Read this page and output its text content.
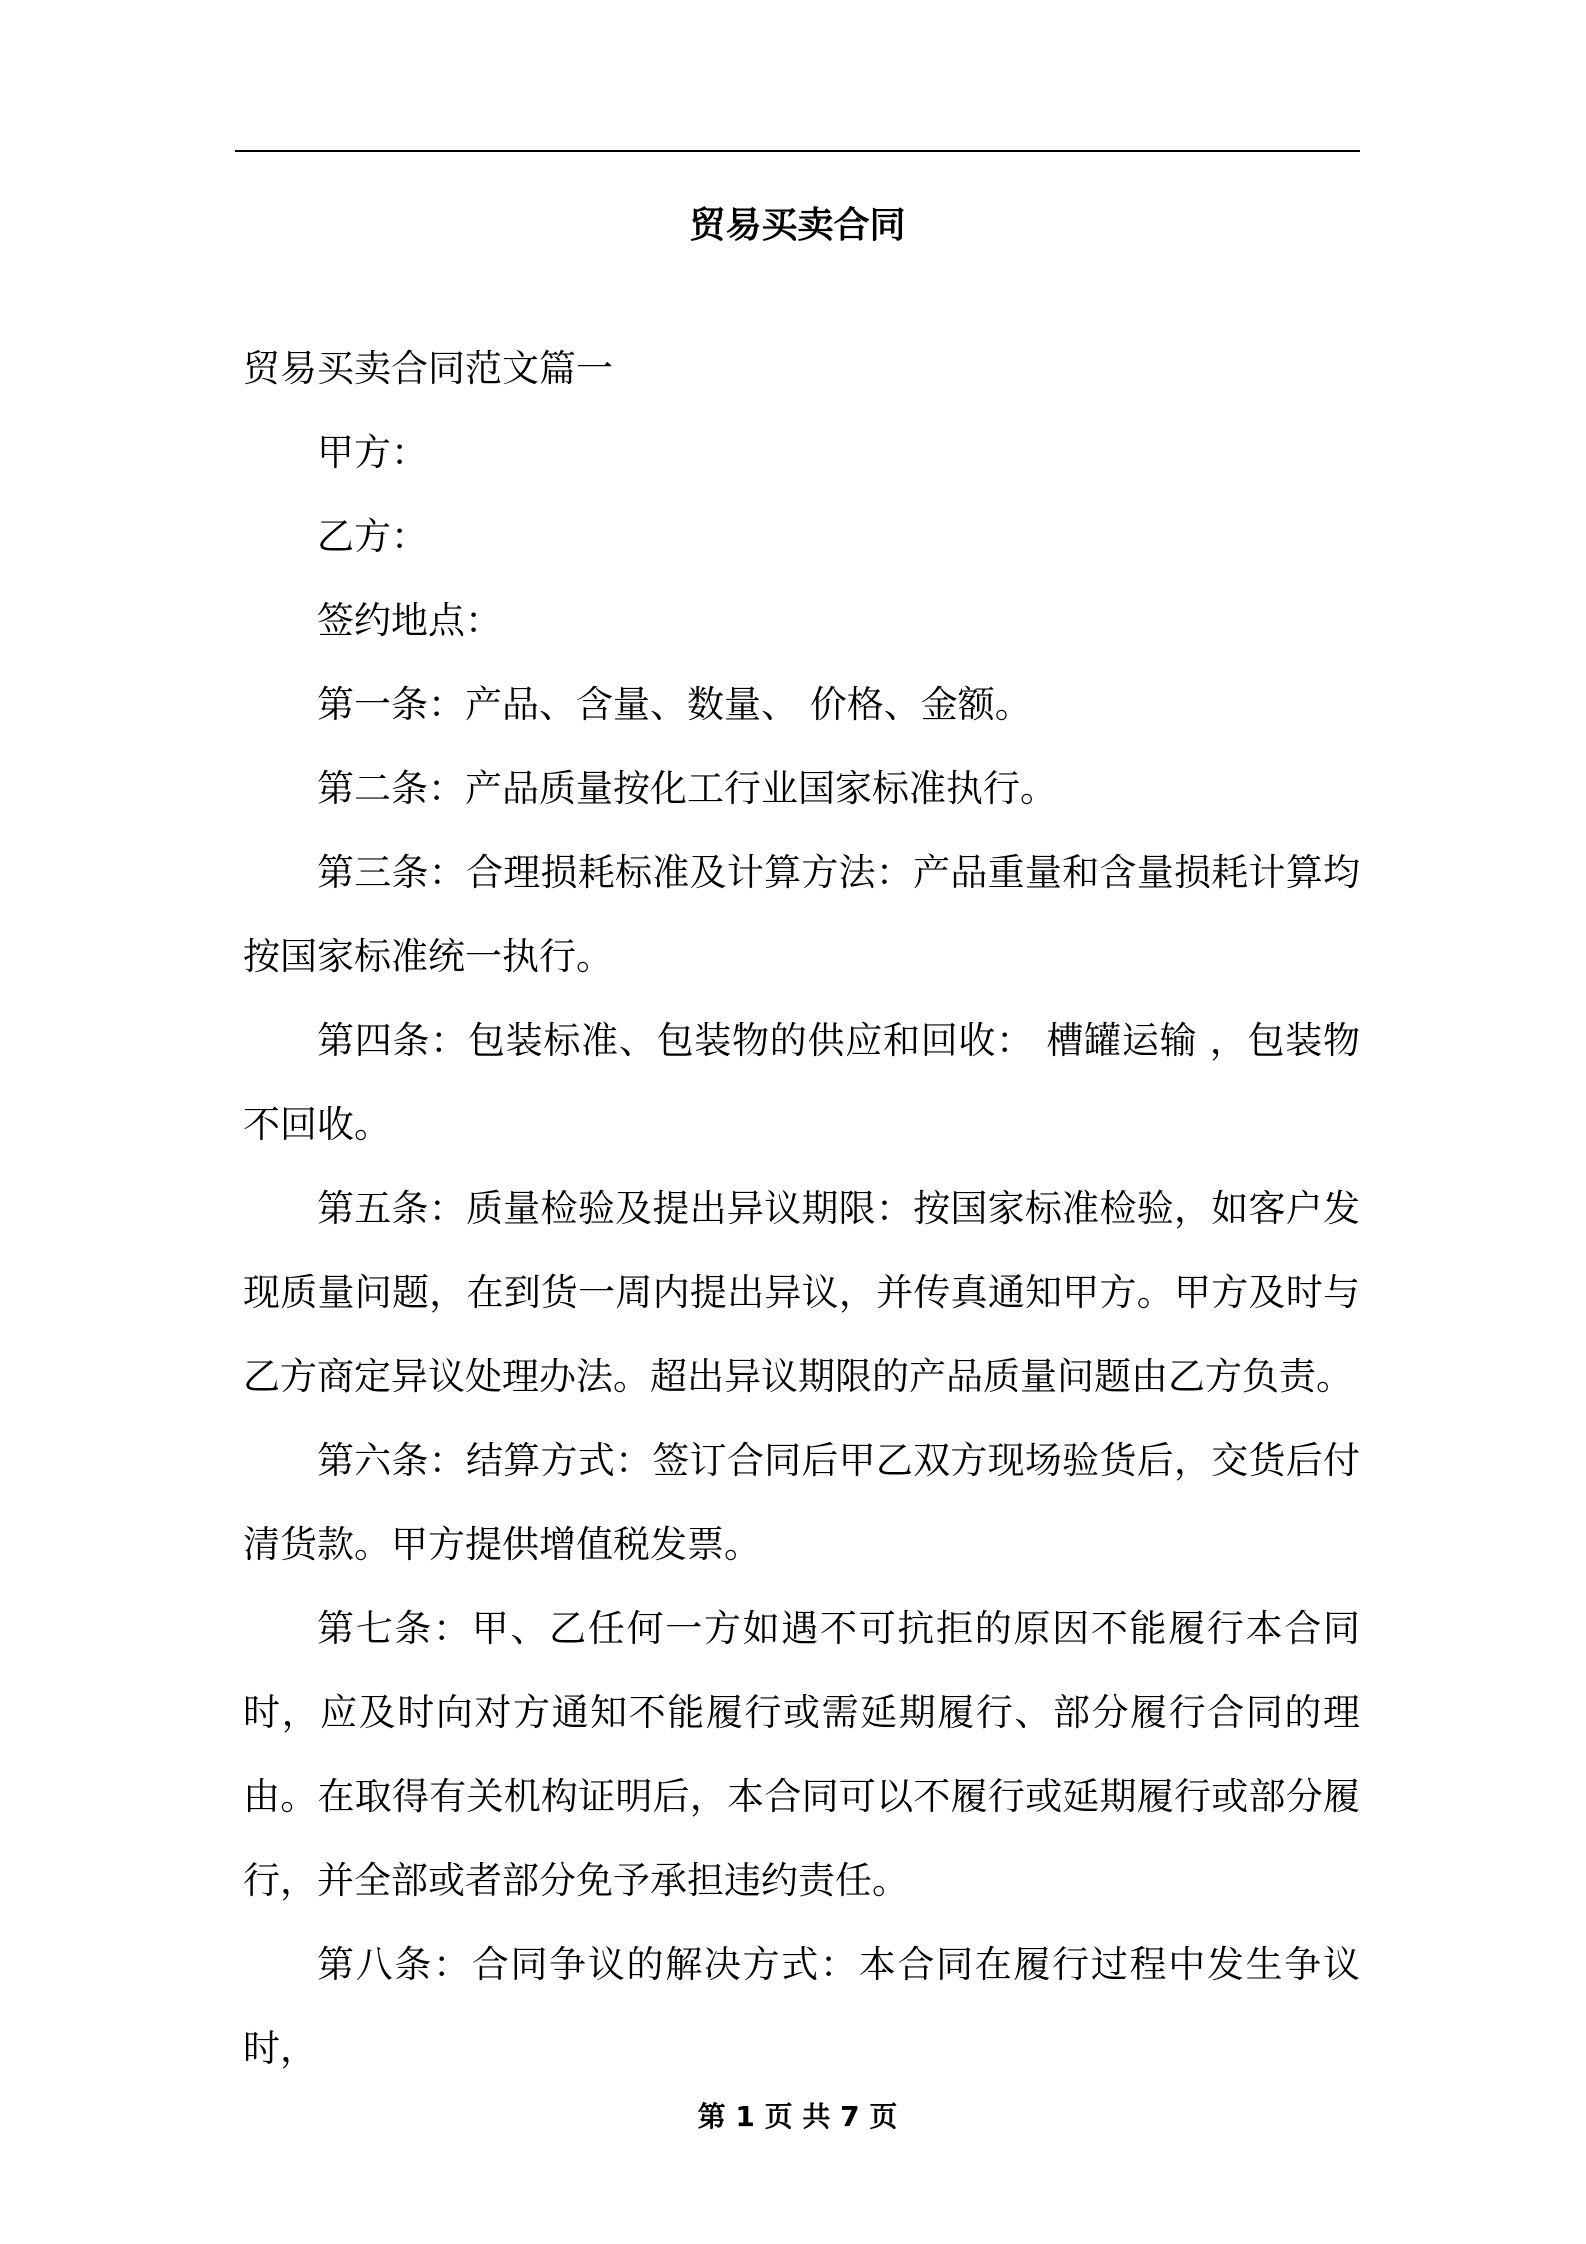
贸易买卖合同

贸易买卖合同范文篇一

甲方：

乙方：

签约地点：

第一条：产品、含量、数量、 价格、金额。

第二条：产品质量按化工行业国家标准执行。

第三条：合理损耗标准及计算方法：产品重量和含量损耗计算均按国家标准统一执行。

第四条：包装标准、包装物的供应和回收： 槽罐运输 ，包装物不回收。

第五条：质量检验及提出异议期限：按国家标准检验，如客户发现质量问题，在到货一周内提出异议，并传真通知甲方。甲方及时与乙方商定异议处理办法。超出异议期限的产品质量问题由乙方负责。

第六条：结算方式：签订合同后甲乙双方现场验货后，交货后付清货款。甲方提供增值税发票。

第七条：甲、乙任何一方如遇不可抗拒的原因不能履行本合同时，应及时向对方通知不能履行或需延期履行、部分履行合同的理由。在取得有关机构证明后，本合同可以不履行或延期履行或部分履行，并全部或者部分免予承担违约责任。

第八条：合同争议的解决方式：本合同在履行过程中发生争议时，

第 1 页 共 7 页
